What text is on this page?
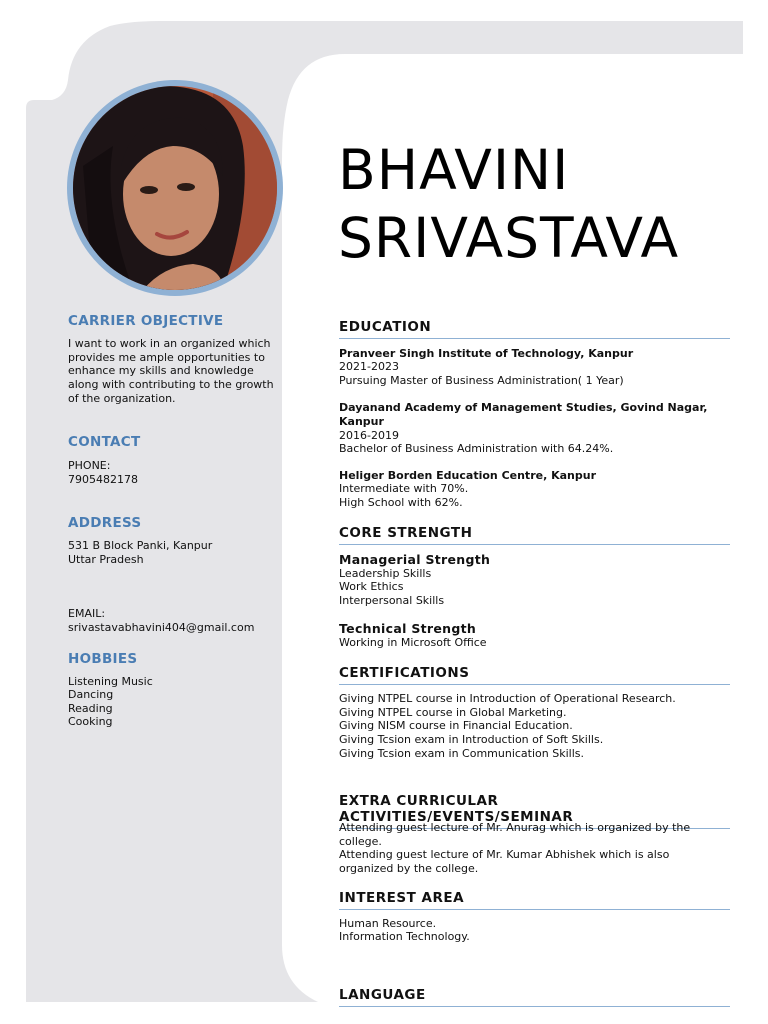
CARRIER OBJECTIVE

I want to work in an organized which
provides me ample opportunities to
enhance my skills and knowledge
along with contributing to the growth
of the organization.

CONTACT

PHONE:

7905482178

ADDRESS

531 B Block Panki, Kanpur

Uttar Pradesh

EMAIL:

srivastavabhavini404@gmail.com

HOBBIES

Listening Music

Dancing

Reading

Cooking

BHAVINI
SRIVASTAVA
EDUCATION

Pranveer Singh Institute of Technology, Kanpur

2021-2023

Pursuing Master of Business Administration( 1 Year)

Dayanand Academy of Management Studies, Govind Nagar, Kanpur

2016-2019

Bachelor of Business Administration with 64.24%.

Heliger Borden Education Centre, Kanpur

Intermediate with 70%.

High School with 62%.

CORE STRENGTH

Managerial Strength

Leadership Skills

Work Ethics

Interpersonal Skills

Technical Strength

Working in Microsoft Office

CERTIFICATIONS

Giving NTPEL course in Introduction of Operational Research.

Giving NTPEL course in Global Marketing.

Giving NISM course in Financial Education.

Giving Tcsion exam in Introduction of Soft Skills.

Giving Tcsion exam in Communication Skills.

EXTRA CURRICULAR ACTIVITIES/EVENTS/SEMINAR

Attending guest lecture of Mr. Anurag which is organized by the
college.
Attending guest lecture of Mr. Kumar Abhishek which is also
organized by the college.

INTEREST AREA

Human Resource.

Information Technology.

LANGUAGE
